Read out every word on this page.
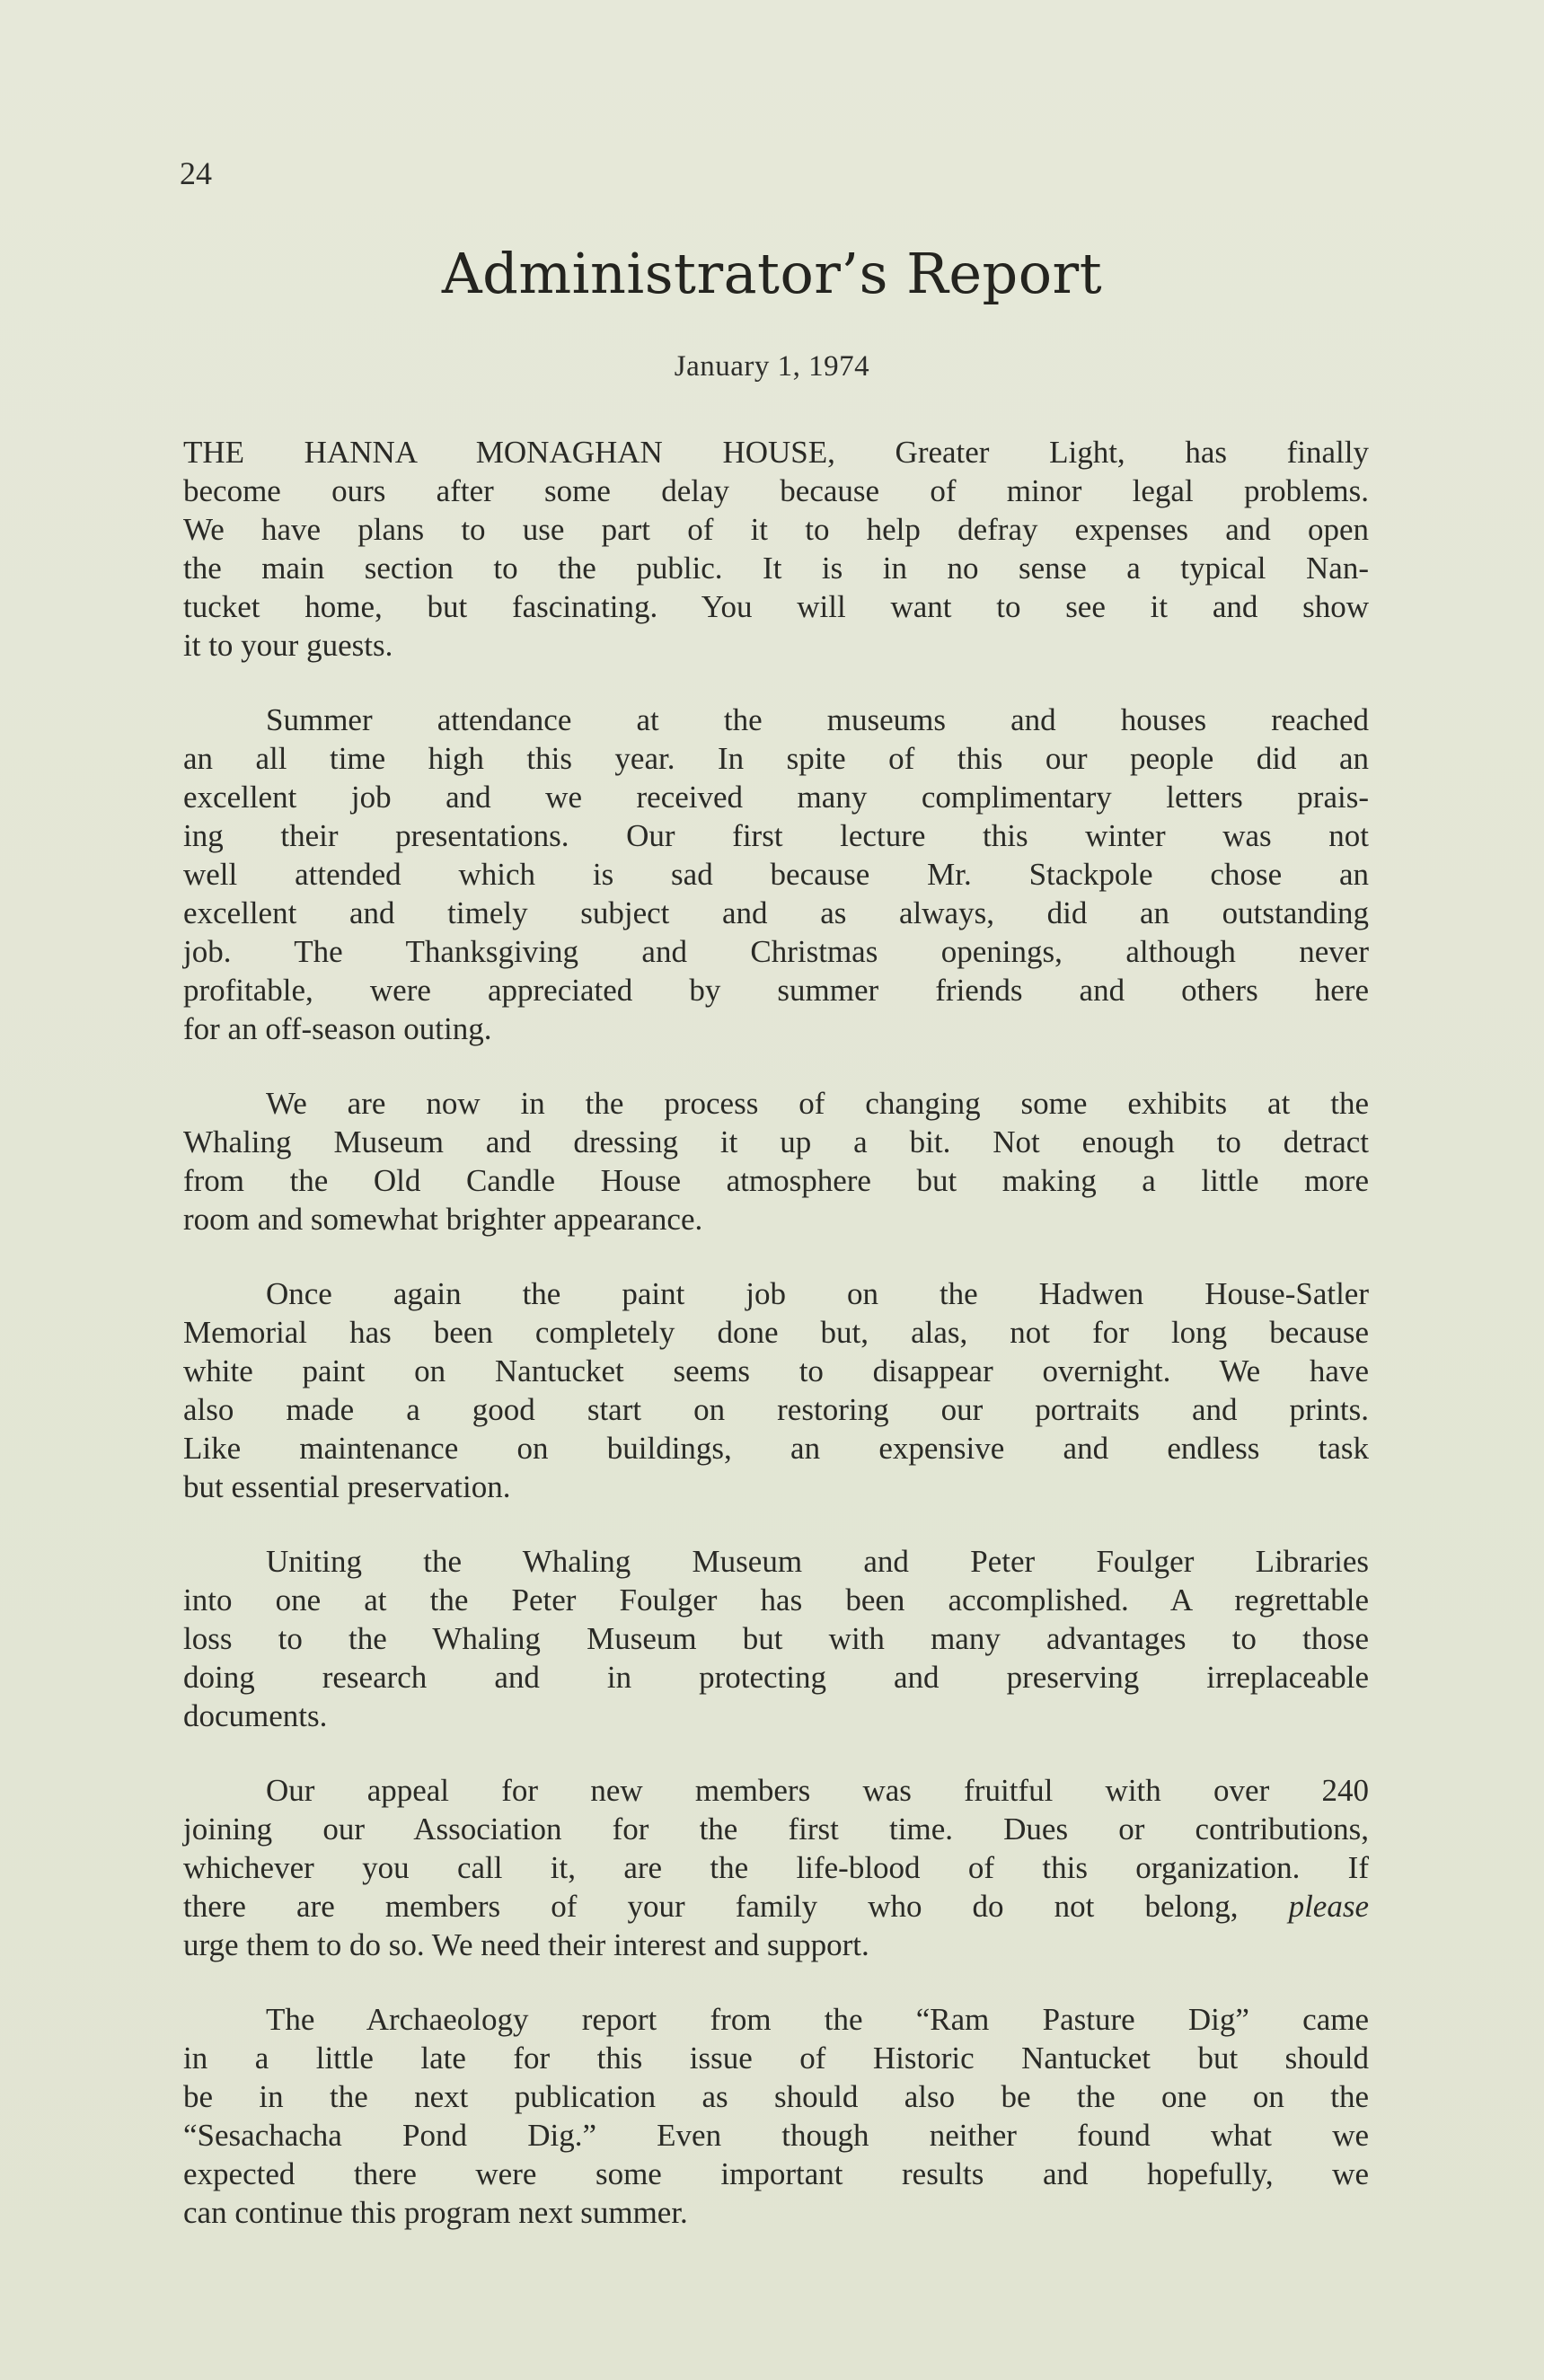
24
Administrator’s Report
January 1, 1974
THE HANNA MONAGHAN HOUSE, Greater Light, has finally
become ours after some delay because of minor legal problems.
We have plans to use part of it to help defray expenses and open
the main section to the public. It is in no sense a typical Nan-
tucket home, but fascinating. You will want to see it and show
it to your guests.
Summer attendance at the museums and houses reached
an all time high this year. In spite of this our people did an
excellent job and we received many complimentary letters prais-
ing their presentations. Our first lecture this winter was not
well attended which is sad because Mr. Stackpole chose an
excellent and timely subject and as always, did an outstanding
job. The Thanksgiving and Christmas openings, although never
profitable, were appreciated by summer friends and others here
for an off-season outing.
We are now in the process of changing some exhibits at the
Whaling Museum and dressing it up a bit. Not enough to detract
from the Old Candle House atmosphere but making a little more
room and somewhat brighter appearance.
Once again the paint job on the Hadwen House-Satler
Memorial has been completely done but, alas, not for long because
white paint on Nantucket seems to disappear overnight. We have
also made a good start on restoring our portraits and prints.
Like maintenance on buildings, an expensive and endless task
but essential preservation.
Uniting the Whaling Museum and Peter Foulger Libraries
into one at the Peter Foulger has been accomplished. A regrettable
loss to the Whaling Museum but with many advantages to those
doing research and in protecting and preserving irreplaceable
documents.
Our appeal for new members was fruitful with over 240
joining our Association for the first time. Dues or contributions,
whichever you call it, are the life-blood of this organization. If
there are members of your family who do not belong, please
urge them to do so. We need their interest and support.
The Archaeology report from the “Ram Pasture Dig” came
in a little late for this issue of Historic Nantucket but should
be in the next publication as should also be the one on the
“Sesachacha Pond Dig.” Even though neither found what we
expected there were some important results and hopefully, we
can continue this program next summer.
